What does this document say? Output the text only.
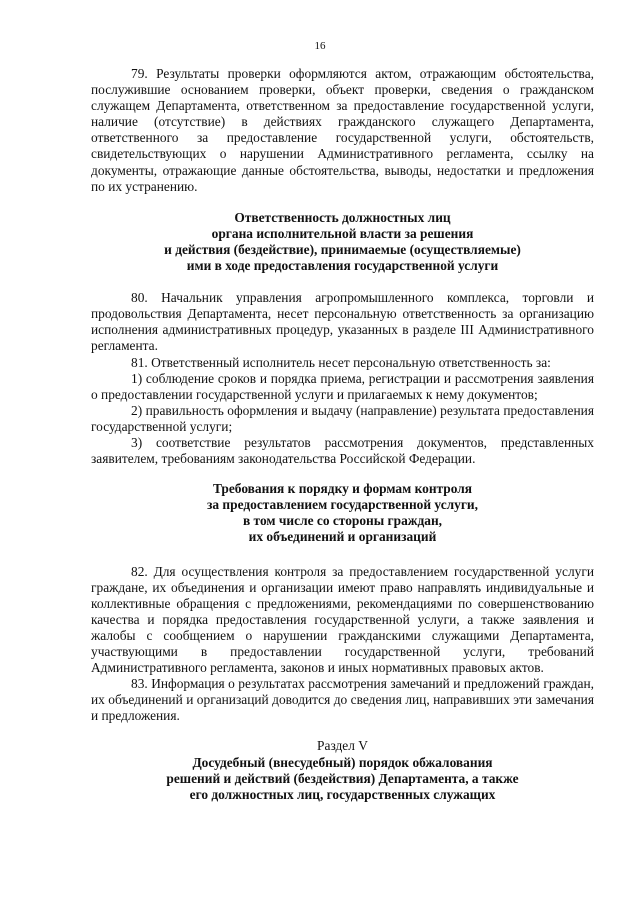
16

79. Результаты проверки оформляются актом, отражающим обстоятельства, послужившие основанием проверки, объект проверки, сведения о гражданском служащем Департамента, ответственном за предоставление государственной услуги, наличие (отсутствие) в действиях гражданского служащего Департамента, ответственного за предоставление государственной услуги, обстоятельств, свидетельствующих о нарушении Административного регламента, ссылку на документы, отражающие данные обстоятельства, выводы, недостатки и предложения по их устранению.

Ответственность должностных лиц
органа исполнительной власти за решения
и действия (бездействие), принимаемые (осуществляемые)
ими в ходе предоставления государственной услуги

80. Начальник управления агропромышленного комплекса, торговли и продовольствия Департамента, несет персональную ответственность за организацию исполнения административных процедур, указанных в разделе III Административного регламента.

81. Ответственный исполнитель несет персональную ответственность за:

1) соблюдение сроков и порядка приема, регистрации и рассмотрения заявления о предоставлении государственной услуги и прилагаемых к нему документов;

2) правильность оформления и выдачу (направление) результата предоставления государственной услуги;

3) соответствие результатов рассмотрения документов, представленных заявителем, требованиям законодательства Российской Федерации.

Требования к порядку и формам контроля
за предоставлением государственной услуги,
в том числе со стороны граждан,
их объединений и организаций

82. Для осуществления контроля за предоставлением государственной услуги граждане, их объединения и организации имеют право направлять индивидуальные и коллективные обращения с предложениями, рекомендациями по совершенствованию качества и порядка предоставления государственной услуги, а также заявления и жалобы с сообщением о нарушении гражданскими служащими Департамента, участвующими в предоставлении государственной услуги, требований Административного регламента, законов и иных нормативных правовых актов.

83. Информация о результатах рассмотрения замечаний и предложений граждан, их объединений и организаций доводится до сведения лиц, направивших эти замечания и предложения.

Раздел V

Досудебный (внесудебный) порядок обжалования
решений и действий (бездействия) Департамента, а также
его должностных лиц, государственных служащих
